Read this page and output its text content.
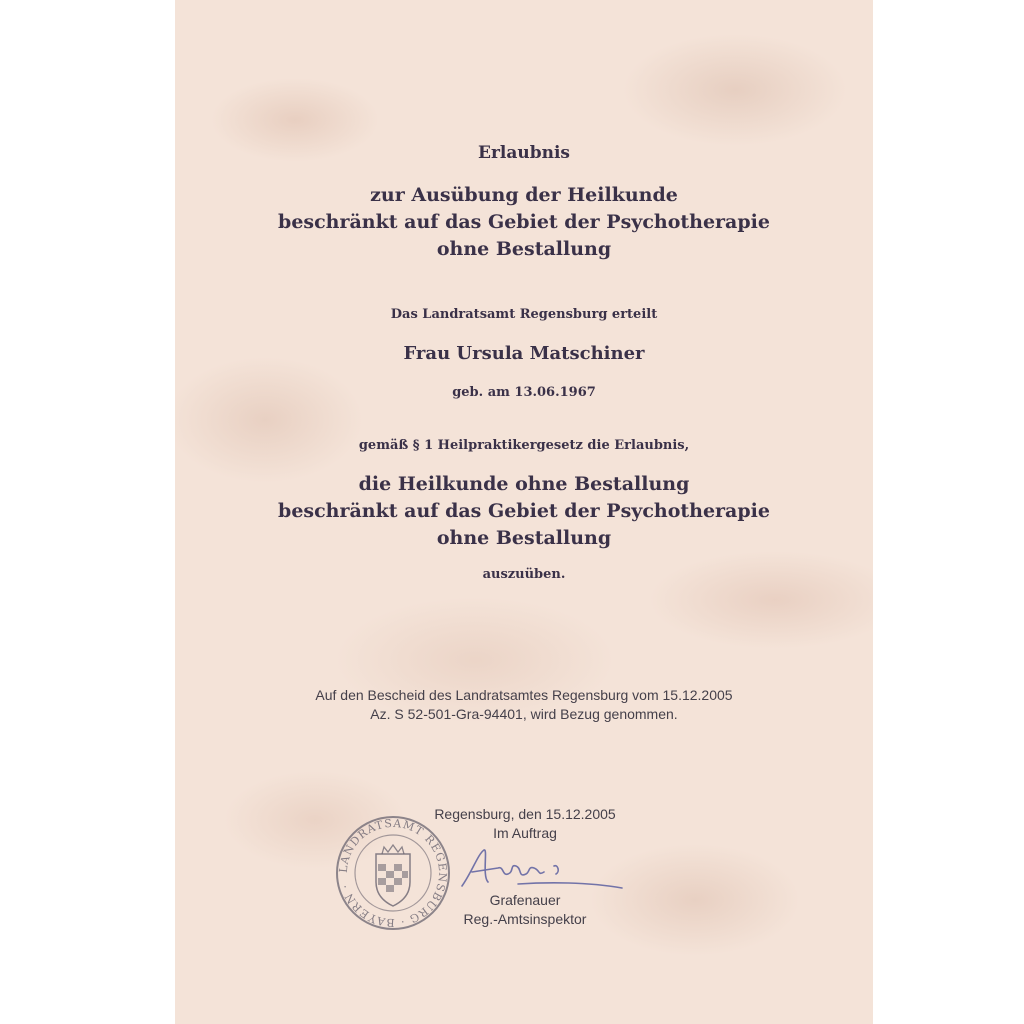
Erlaubnis
zur Ausübung der Heilkunde
beschränkt auf das Gebiet der Psychotherapie
ohne Bestallung
Das Landratsamt Regensburg erteilt
Frau Ursula Matschiner
geb. am 13.06.1967
gemäß § 1 Heilpraktikergesetz die Erlaubnis,
die Heilkunde ohne Bestallung
beschränkt auf das Gebiet der Psychotherapie
ohne Bestallung
auszuüben.
Auf den Bescheid des Landratsamtes Regensburg vom 15.12.2005
Az. S 52-501-Gra-94401, wird Bezug genommen.
Regensburg, den 15.12.2005
Im Auftrag
LANDRATSAMT REGENSBURG · BAYERN ·
Grafenauer
Reg.-Amtsinspektor
